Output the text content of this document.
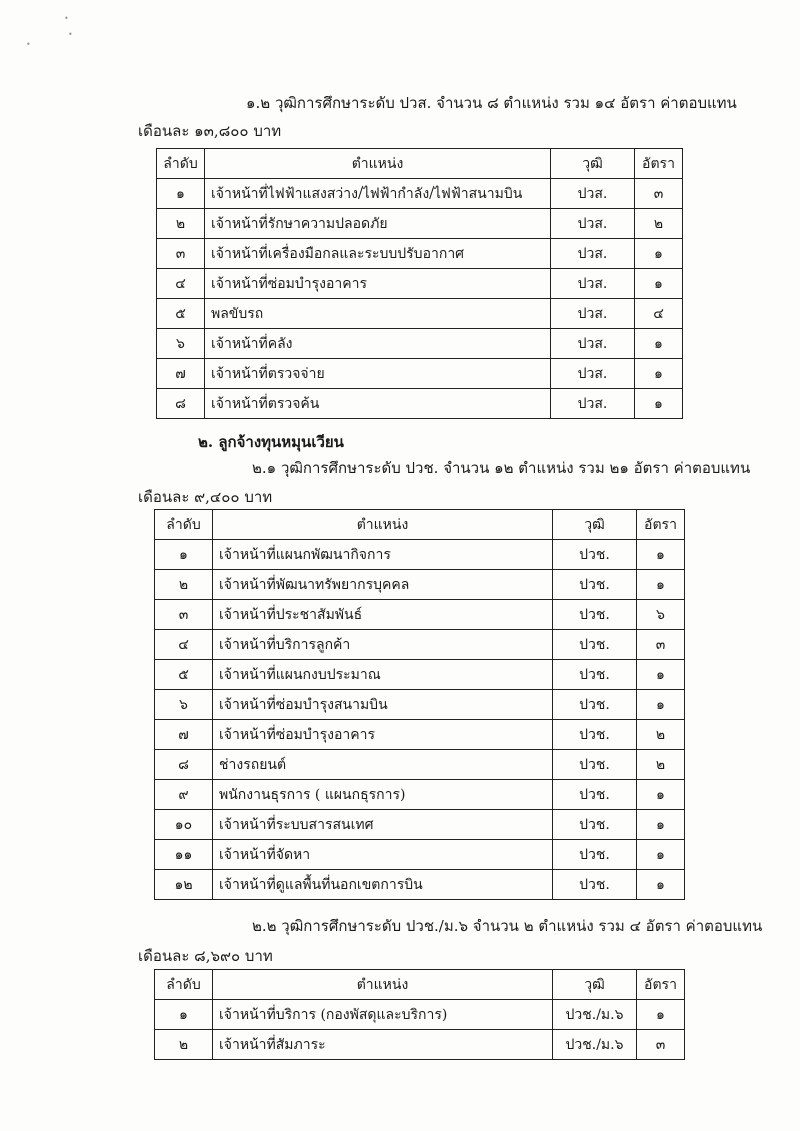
•
•
•
๑.๒ วุฒิการศึกษาระดับ ปวส. จำนวน ๘ ตำแหน่ง รวม ๑๔ อัตรา ค่าตอบแทน
เดือนละ ๑๓,๘๐๐ บาท
ลำดับ	ตำแหน่ง	วุฒิ	อัตรา
๑	เจ้าหน้าที่ไฟฟ้าแสงสว่าง/ไฟฟ้ากำลัง/ไฟฟ้าสนามบิน	ปวส.	๓
๒	เจ้าหน้าที่รักษาความปลอดภัย	ปวส.	๒
๓	เจ้าหน้าที่เครื่องมือกลและระบบปรับอากาศ	ปวส.	๑
๔	เจ้าหน้าที่ซ่อมบำรุงอาคาร	ปวส.	๑
๕	พลขับรถ	ปวส.	๔
๖	เจ้าหน้าที่คลัง	ปวส.	๑
๗	เจ้าหน้าที่ตรวจจ่าย	ปวส.	๑
๘	เจ้าหน้าที่ตรวจค้น	ปวส.	๑
๒. ลูกจ้างทุนหมุนเวียน
๒.๑ วุฒิการศึกษาระดับ ปวช. จำนวน ๑๒ ตำแหน่ง รวม ๒๑ อัตรา ค่าตอบแทน
เดือนละ ๙,๔๐๐ บาท
ลำดับ	ตำแหน่ง	วุฒิ	อัตรา
๑	เจ้าหน้าที่แผนกพัฒนากิจการ	ปวช.	๑
๒	เจ้าหน้าที่พัฒนาทรัพยากรบุคคล	ปวช.	๑
๓	เจ้าหน้าที่ประชาสัมพันธ์	ปวช.	๖
๔	เจ้าหน้าที่บริการลูกค้า	ปวช.	๓
๕	เจ้าหน้าที่แผนกงบประมาณ	ปวช.	๑
๖	เจ้าหน้าที่ซ่อมบำรุงสนามบิน	ปวช.	๑
๗	เจ้าหน้าที่ซ่อมบำรุงอาคาร	ปวช.	๒
๘	ช่างรถยนต์	ปวช.	๒
๙	พนักงานธุรการ ( แผนกธุรการ)	ปวช.	๑
๑๐	เจ้าหน้าที่ระบบสารสนเทศ	ปวช.	๑
๑๑	เจ้าหน้าที่จัดหา	ปวช.	๑
๑๒	เจ้าหน้าที่ดูแลพื้นที่นอกเขตการบิน	ปวช.	๑
๒.๒ วุฒิการศึกษาระดับ ปวช./ม.๖ จำนวน ๒ ตำแหน่ง รวม ๔ อัตรา ค่าตอบแทน
เดือนละ ๘,๖๙๐ บาท
ลำดับ	ตำแหน่ง	วุฒิ	อัตรา
๑	เจ้าหน้าที่บริการ (กองพัสดุและบริการ)	ปวช./ม.๖	๑
๒	เจ้าหน้าที่สัมภาระ	ปวช./ม.๖	๓
